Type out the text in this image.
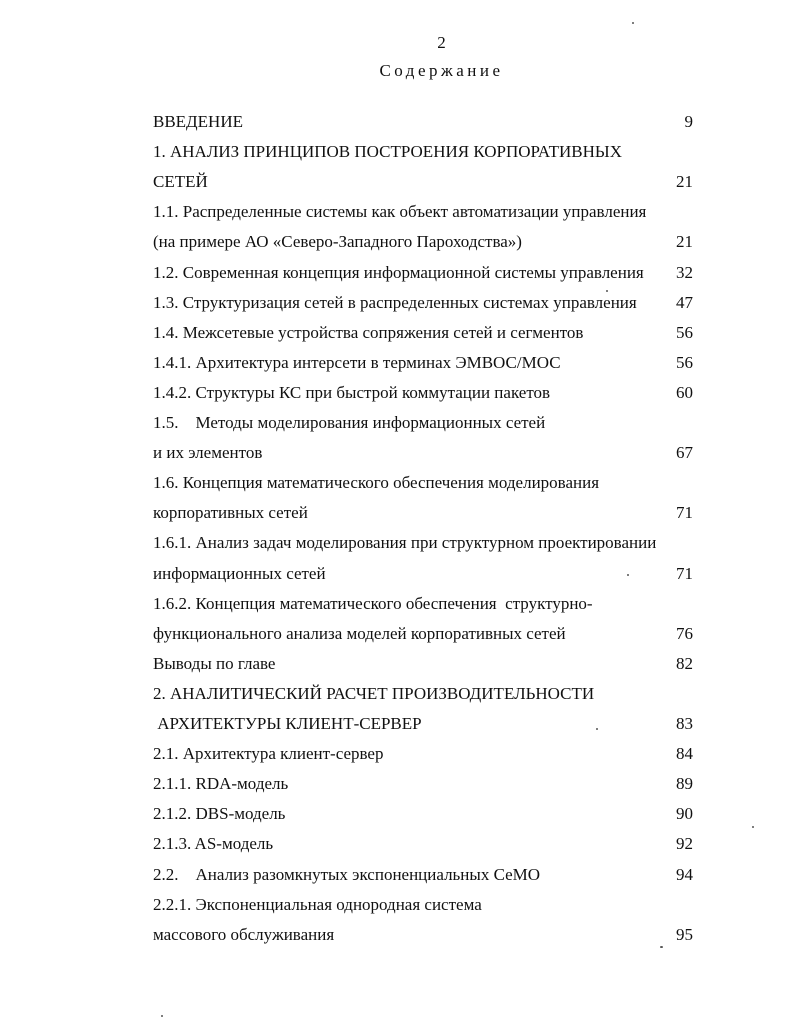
2
Содержание
ВВЕДЕНИЕ	9
1. АНАЛИЗ ПРИНЦИПОВ ПОСТРОЕНИЯ КОРПОРАТИВНЫХ
СЕТЕЙ	21
1.1. Распределенные системы как объект автоматизации управления
(на примере АО «Северо-Западного Пароходства»)	21
1.2. Современная концепция информационной системы управления	32
1.3. Структуризация сетей в распределенных системах управления	47
1.4. Межсетевые устройства сопряжения сетей и сегментов	56
1.4.1. Архитектура интерсети в терминах ЭМВОС/МОС	56
1.4.2. Структуры КС при быстрой коммутации пакетов	60
1.5.    Методы моделирования информационных сетей
и их элементов	67
1.6. Концепция математического обеспечения моделирования
корпоративных сетей	71
1.6.1. Анализ задач моделирования при структурном проектировании
информационных сетей	71
1.6.2. Концепция математического обеспечения  структурно-
функционального анализа моделей корпоративных сетей	76
Выводы по главе	82
2. АНАЛИТИЧЕСКИЙ РАСЧЕТ ПРОИЗВОДИТЕЛЬНОСТИ
АРХИТЕКТУРЫ КЛИЕНТ-СЕРВЕР	83
2.1. Архитектура клиент-сервер	84
2.1.1. RDA-модель	89
2.1.2. DBS-модель	90
2.1.3. AS-модель	92
2.2.    Анализ разомкнутых экспоненциальных СеМО	94
2.2.1. Экспоненциальная однородная система
массового обслуживания	95
